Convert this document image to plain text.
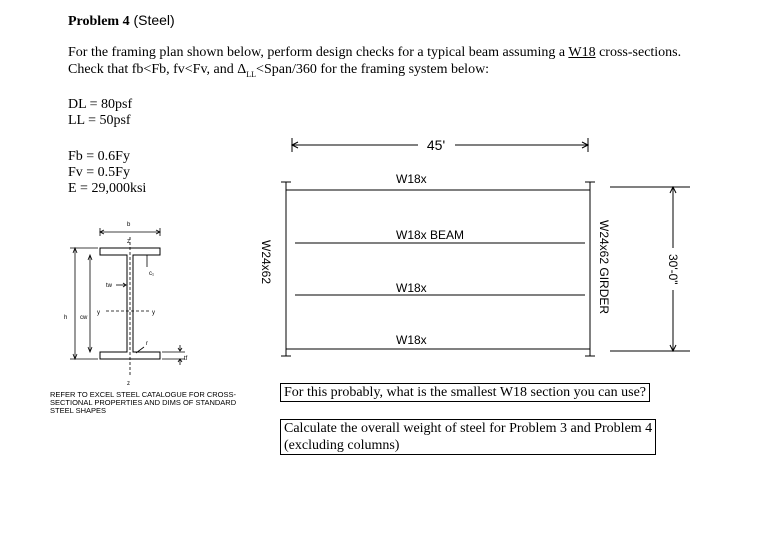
Problem 4 (Steel)
For the framing plan shown below, perform design checks for a typical beam assuming a W18 cross-sections. Check that fb<Fb, fv<Fv, and $\Delta_{LL}<Span/360$ for the framing system below:
DL = 80psf
LL = 50psf
Fb = 0.6Fy
Fv = 0.5Fy
E = 29,000ksi
b
z
z
c₁
tw
y	y
h cw
r
tf
REFER TO EXCEL STEEL CATALOGUE FOR CROSS-SECTIONAL PROPERTIES AND DIMS OF STANDARD STEEL SHAPES
45'
W18x
W18x BEAM
W18x
W18x
W24x62	W24x62 GIRDER	30'-0"
For this probably, what is the smallest W18 section you can use?
Calculate the overall weight of steel for Problem 3 and Problem 4
(excluding columns)
